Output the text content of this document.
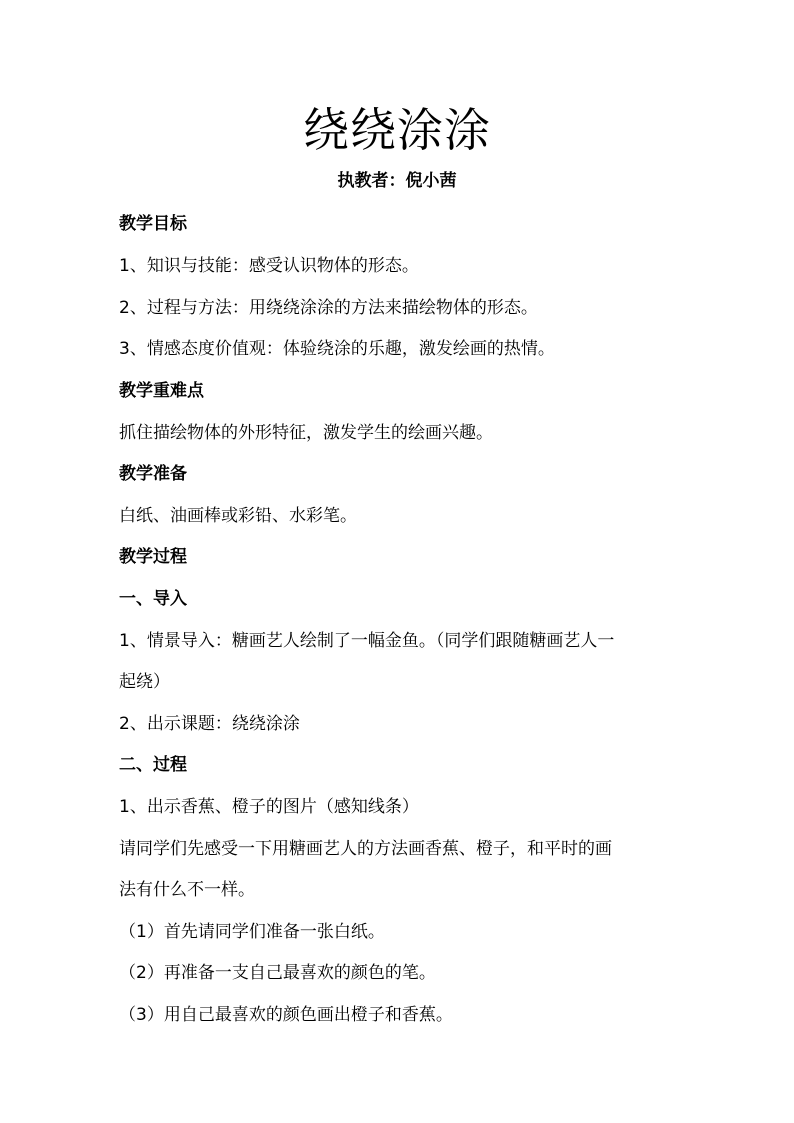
绕绕涂涂
执教者：倪小茜
教学目标
1、知识与技能：感受认识物体的形态。
2、过程与方法：用绕绕涂涂的方法来描绘物体的形态。
3、情感态度价值观：体验绕涂的乐趣，激发绘画的热情。
教学重难点
抓住描绘物体的外形特征，激发学生的绘画兴趣。
教学准备
白纸、油画棒或彩铅、水彩笔。
教学过程
一、导入
1、情景导入：糖画艺人绘制了一幅金鱼。（同学们跟随糖画艺人一
起绕）
2、出示课题：绕绕涂涂
二、过程
1、出示香蕉、橙子的图片（感知线条）
请同学们先感受一下用糖画艺人的方法画香蕉、橙子，和平时的画
法有什么不一样。
（1）首先请同学们准备一张白纸。
（2）再准备一支自己最喜欢的颜色的笔。
（3）用自己最喜欢的颜色画出橙子和香蕉。
